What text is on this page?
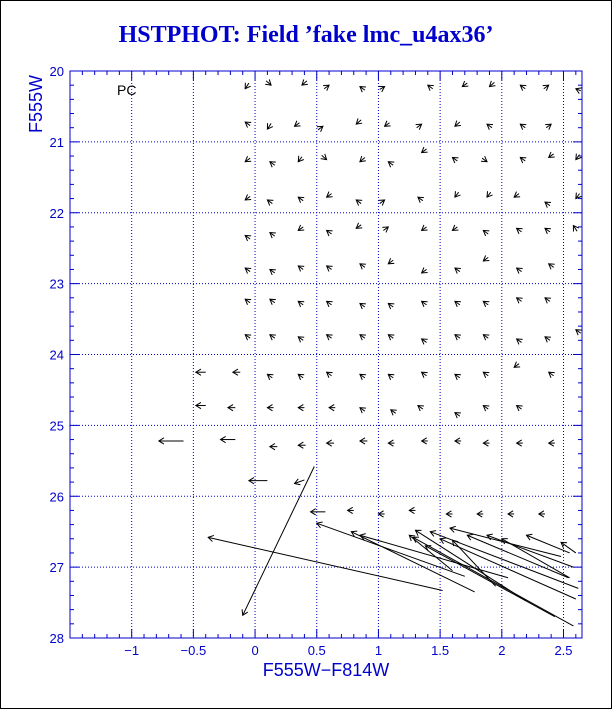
HSTPHOT: Field ’fake lmc_u4ax36’
−1	−0.5	0	0.5	1	1.5	2	2.5
20
21
22
23
24
25
26
27
28
F555W−F814W
F555W	PC
